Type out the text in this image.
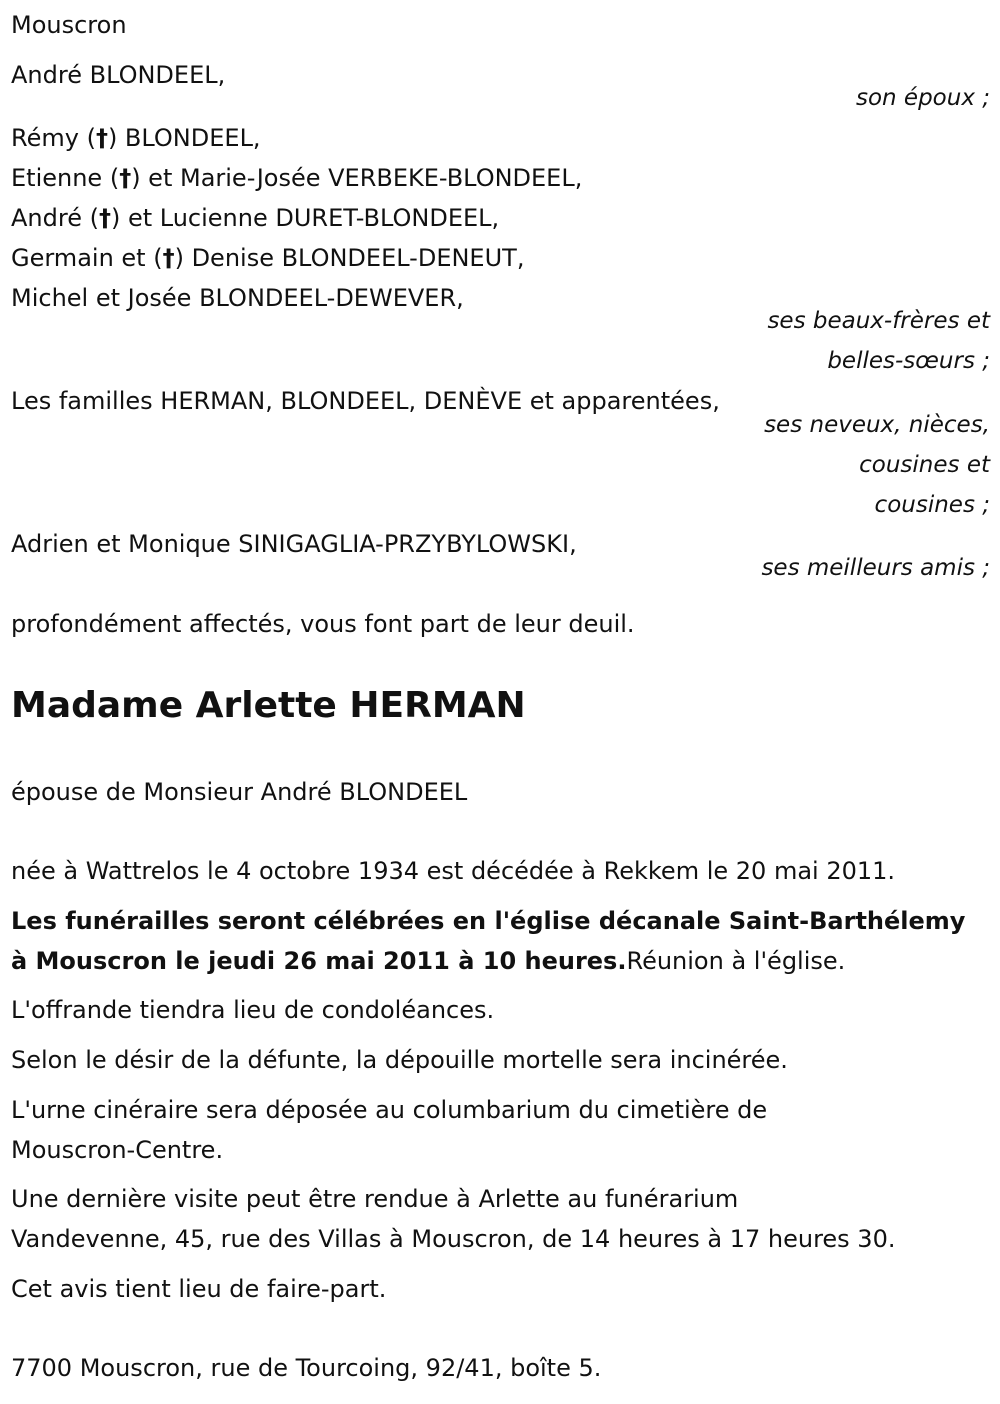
Mouscron

André BLONDEEL,

son époux ;

Rémy (†) BLONDEEL,

Etienne (†) et Marie-Josée VERBEKE-BLONDEEL,

André (†) et Lucienne DURET-BLONDEEL,

Germain et (†) Denise BLONDEEL-DENEUT,

Michel et Josée BLONDEEL-DEWEVER,

ses beaux-frères et
belles-sœurs ;

Les familles HERMAN, BLONDEEL, DENÈVE et apparentées,

ses neveux, nièces,
cousines et
cousines ;

Adrien et Monique SINIGAGLIA-PRZYBYLOWSKI,

ses meilleurs amis ;

profondément affectés, vous font part de leur deuil.

Madame Arlette HERMAN

épouse de Monsieur André BLONDEEL

née à Wattrelos le 4 octobre 1934 est décédée à Rekkem le 20 mai 2011.

Les funérailles seront célébrées en l'église décanale Saint-Barthélemy

à Mouscron le jeudi 26 mai 2011 à 10 heures.Réunion à l'église.

L'offrande tiendra lieu de condoléances.

Selon le désir de la défunte, la dépouille mortelle sera incinérée.

L'urne cinéraire sera déposée au columbarium du cimetière de

Mouscron-Centre.

Une dernière visite peut être rendue à Arlette au funérarium

Vandevenne, 45, rue des Villas à Mouscron, de 14 heures à 17 heures 30.

Cet avis tient lieu de faire-part.

7700 Mouscron, rue de Tourcoing, 92/41, boîte 5.
